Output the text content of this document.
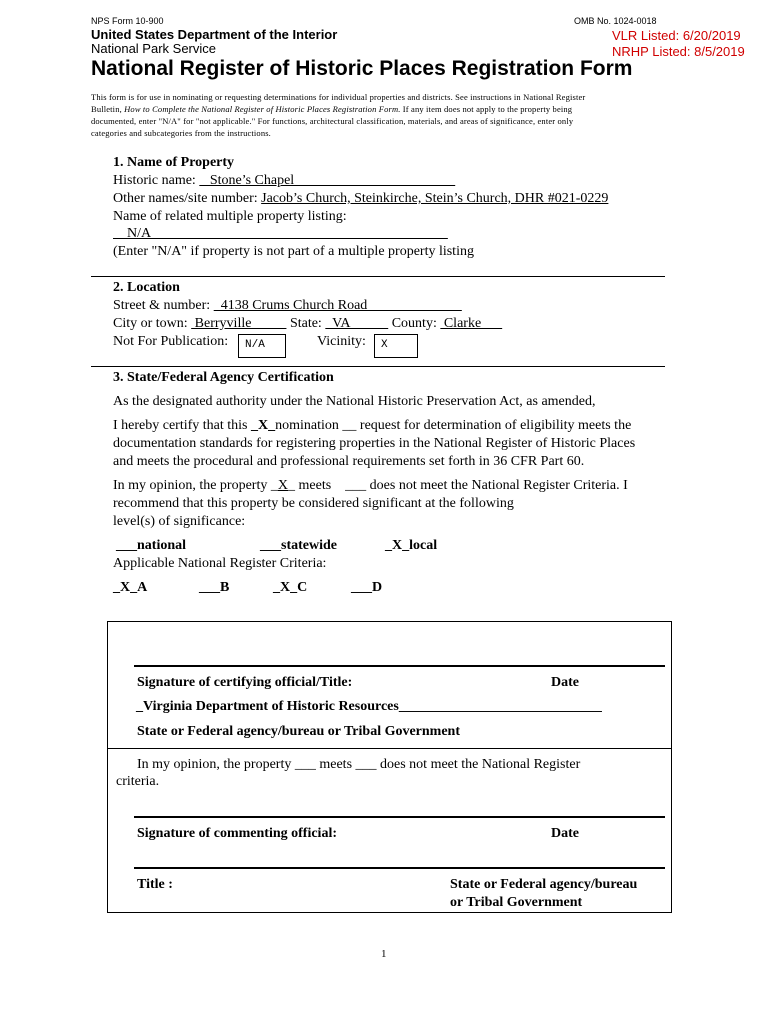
NPS Form 10-900	OMB No. 1024-0018
United States Department of the Interior
National Park Service
VLR Listed: 6/20/2019
NRHP Listed: 8/5/2019
National Register of Historic Places Registration Form
This form is for use in nominating or requesting determinations for individual properties and districts. See instructions in National Register
Bulletin, How to Complete the National Register of Historic Places Registration Form. If any item does not apply to the property being
documented, enter "N/A" for "not applicable." For functions, architectural classification, materials, and areas of significance, enter only
categories and subcategories from the instructions.
1. Name of Property
Historic name:    Stone’s Chapel
Other names/site number: Jacob’s Church, Steinkirche, Stein’s Church, DHR #021-0229
Name of related multiple property listing:
N/A
(Enter "N/A" if property is not part of a multiple property listing
2. Location
Street & number:   4138 Crums Church Road
City or town:  Berryville           State:   VA            County:  Clarke
Not For Publication:	N/A	Vicinity:	X
3. State/Federal Agency Certification
As the designated authority under the National Historic Preservation Act, as amended,
I hereby certify that this _X_nomination __ request for determination of eligibility meets the
documentation standards for registering properties in the National Register of Historic Places
and meets the procedural and professional requirements set forth in 36 CFR Part 60.
In my opinion, the property _X_ meets    ___ does not meet the National Register Criteria. I
recommend that this property be considered significant at the following
level(s) of significance:
___national	___statewide	_X_local
Applicable National Register Criteria:
_X_A	___B	_X_C	___D
Signature of certifying official/Title:	Date
_Virginia Department of Historic Resources_____________________________
State or Federal agency/bureau or Tribal Government
In my opinion, the property ___ meets ___ does not meet the National Register
criteria.
Signature of commenting official:	Date
Title :	State or Federal agency/bureau
or Tribal Government
1
